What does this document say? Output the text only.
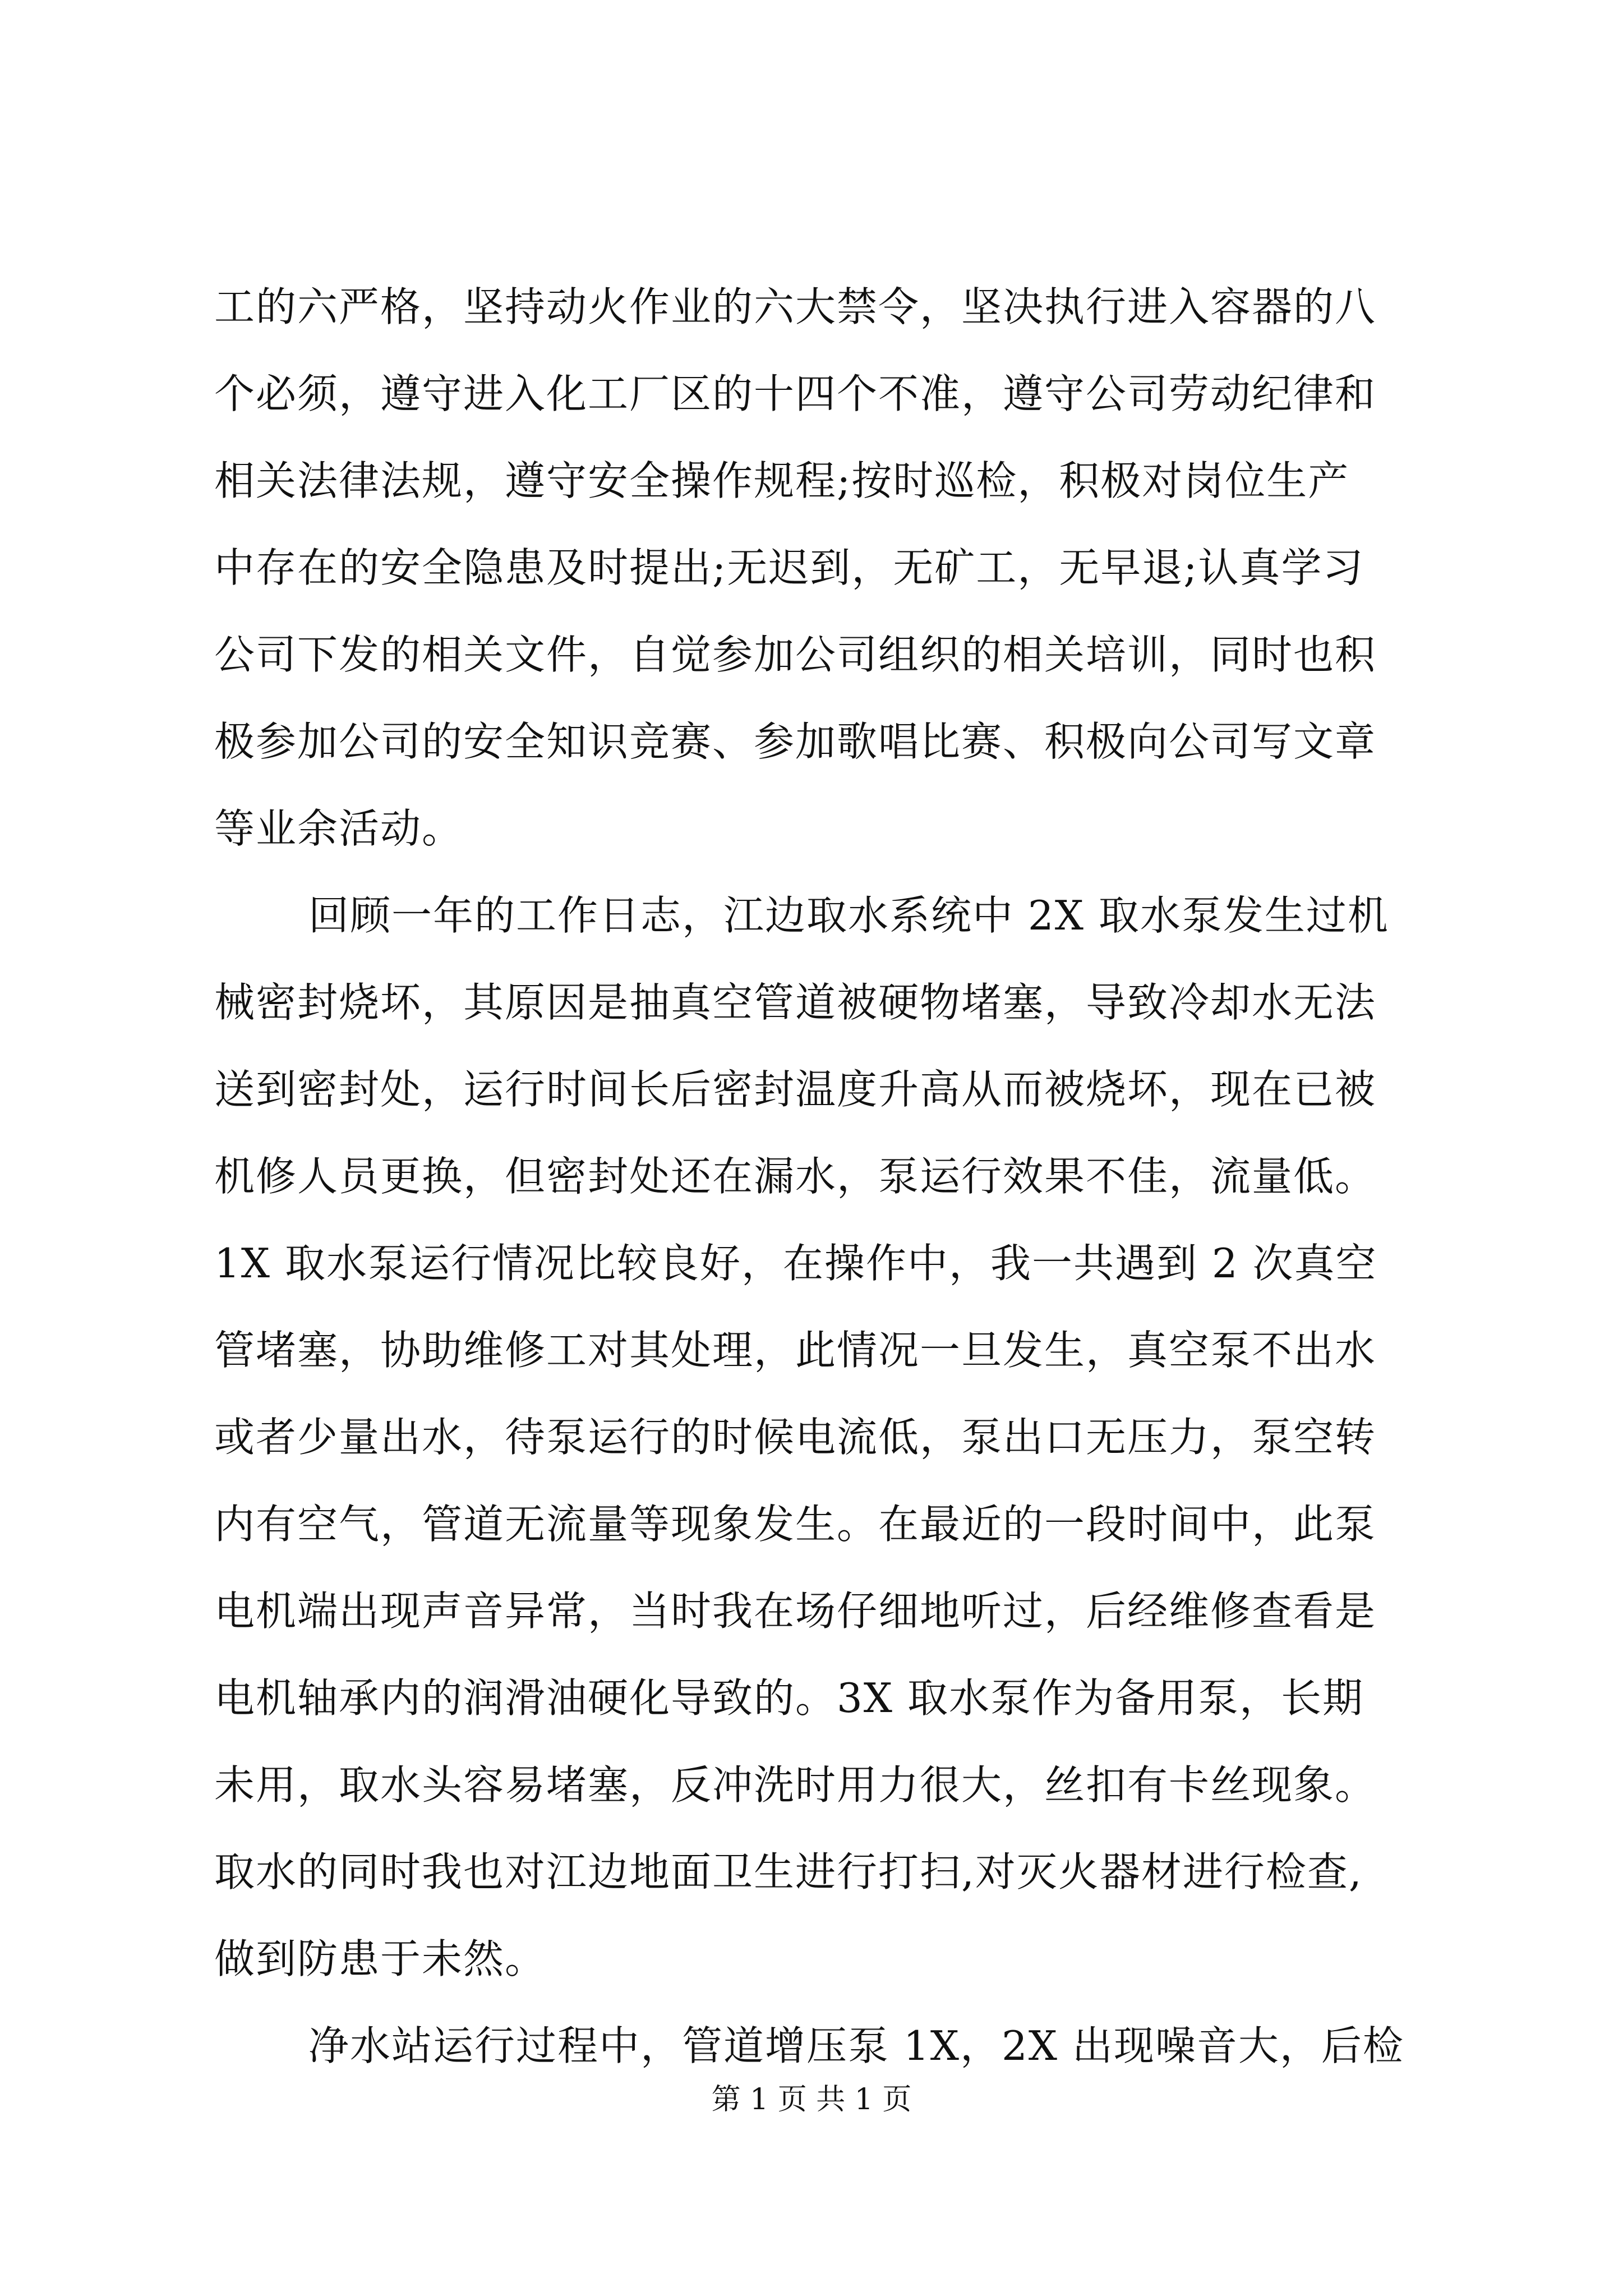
工的六严格，坚持动火作业的六大禁令，坚决执行进入容器的八
个必须，遵守进入化工厂区的十四个不准，遵守公司劳动纪律和
相关法律法规，遵守安全操作规程;按时巡检，积极对岗位生产
中存在的安全隐患及时提出;无迟到，无矿工，无早退;认真学习
公司下发的相关文件，自觉参加公司组织的相关培训，同时也积
极参加公司的安全知识竞赛、参加歌唱比赛、积极向公司写文章
等业余活动。
回顾一年的工作日志，江边取水系统中 2X 取水泵发生过机
械密封烧坏，其原因是抽真空管道被硬物堵塞，导致冷却水无法
送到密封处，运行时间长后密封温度升高从而被烧坏，现在已被
机修人员更换，但密封处还在漏水，泵运行效果不佳，流量低。
1X 取水泵运行情况比较良好，在操作中，我一共遇到 2 次真空
管堵塞，协助维修工对其处理，此情况一旦发生，真空泵不出水
或者少量出水，待泵运行的时候电流低，泵出口无压力，泵空转
内有空气，管道无流量等现象发生。在最近的一段时间中，此泵
电机端出现声音异常，当时我在场仔细地听过，后经维修查看是
电机轴承内的润滑油硬化导致的。3X 取水泵作为备用泵，长期
未用，取水头容易堵塞，反冲洗时用力很大，丝扣有卡丝现象。
取水的同时我也对江边地面卫生进行打扫,对灭火器材进行检查,
做到防患于未然。
净水站运行过程中，管道增压泵 1X，2X 出现噪音大，后检
第 1 页 共 1 页
